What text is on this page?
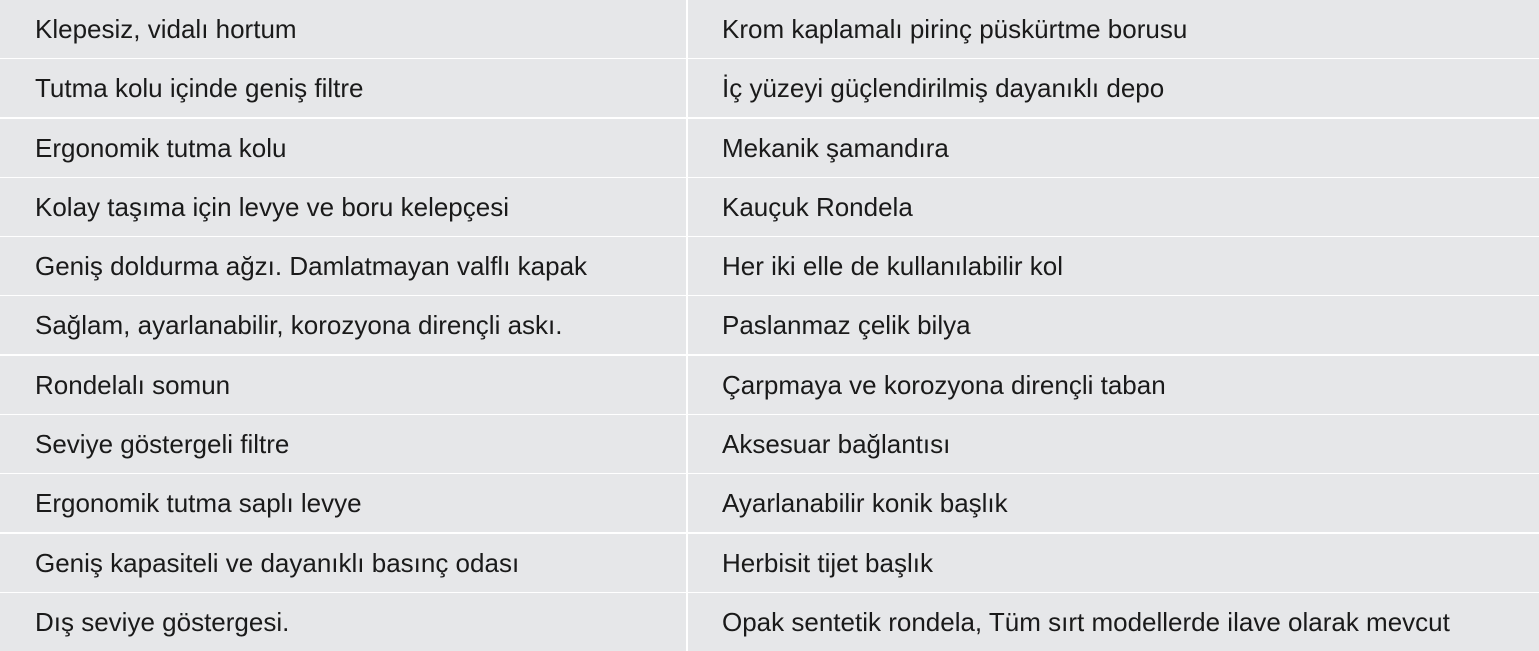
Klepesiz, vidalı hortum	Krom kaplamalı pirinç püskürtme borusu
Tutma kolu içinde geniş filtre	İç yüzeyi güçlendirilmiş dayanıklı depo
Ergonomik tutma kolu	Mekanik şamandıra
Kolay taşıma için levye ve boru kelepçesi	Kauçuk Rondela
Geniş doldurma ağzı. Damlatmayan valflı kapak	Her iki elle de kullanılabilir kol
Sağlam, ayarlanabilir, korozyona dirençli askı.	Paslanmaz çelik bilya
Rondelalı somun	Çarpmaya ve korozyona dirençli taban
Seviye göstergeli filtre	Aksesuar bağlantısı
Ergonomik tutma saplı levye	Ayarlanabilir konik başlık
Geniş kapasiteli ve dayanıklı basınç odası	Herbisit tijet başlık
Dış seviye göstergesi.	Opak sentetik rondela, Tüm sırt modellerde ilave olarak mevcut
